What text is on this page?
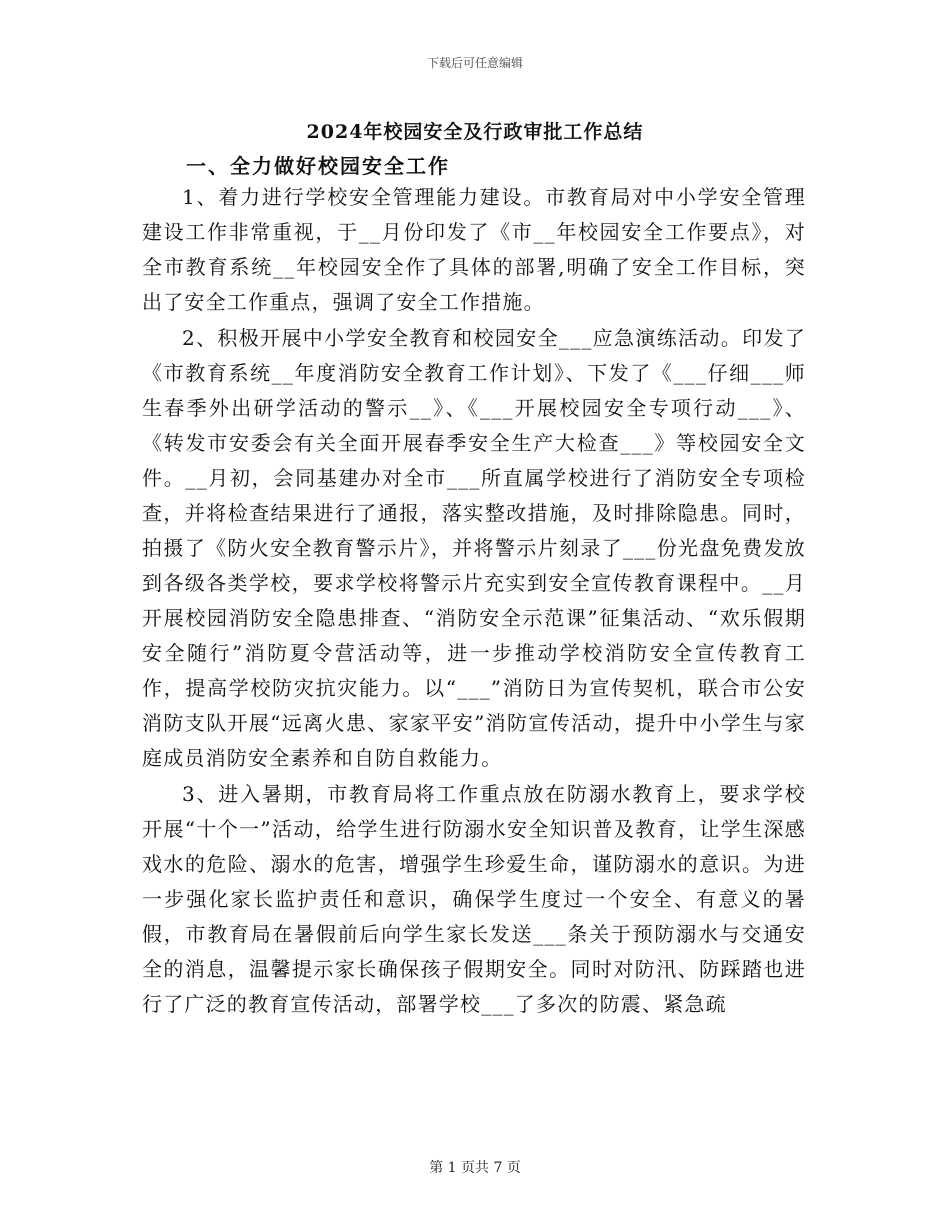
下载后可任意编辑
2024年校园安全及行政审批工作总结
一、全力做好校园安全工作

1、着力进行学校安全管理能力建设。市教育局对中小学安全管理建设工作非常重视，于__月份印发了《市__年校园安全工作要点》，对全市教育系统__年校园安全作了具体的部署,明确了安全工作目标，突出了安全工作重点，强调了安全工作措施。

2、积极开展中小学安全教育和校园安全___应急演练活动。印发了《市教育系统__年度消防安全教育工作计划》、下发了《___仔细___师生春季外出研学活动的警示__》、《___开展校园安全专项行动___》、《转发市安委会有关全面开展春季安全生产大检查___》等校园安全文件。__月初，会同基建办对全市___所直属学校进行了消防安全专项检查，并将检查结果进行了通报，落实整改措施，及时排除隐患。同时，拍摄了《防火安全教育警示片》，并将警示片刻录了___份光盘免费发放到各级各类学校，要求学校将警示片充实到安全宣传教育课程中。__月开展校园消防安全隐患排查、“消防安全示范课”征集活动、“欢乐假期安全随行”消防夏令营活动等，进一步推动学校消防安全宣传教育工作，提高学校防灾抗灾能力。以“___”消防日为宣传契机，联合市公安消防支队开展“远离火患、家家平安”消防宣传活动，提升中小学生与家庭成员消防安全素养和自防自救能力。

3、进入暑期，市教育局将工作重点放在防溺水教育上，要求学校开展“十个一”活动，给学生进行防溺水安全知识普及教育，让学生深感戏水的危险、溺水的危害，增强学生珍爱生命，谨防溺水的意识。为进一步强化家长监护责任和意识，确保学生度过一个安全、有意义的暑假，市教育局在暑假前后向学生家长发送___条关于预防溺水与交通安全的消息，温馨提示家长确保孩子假期安全。同时对防汛、防踩踏也进行了广泛的教育宣传活动，部署学校___了多次的防震、紧急疏

第 1 页共 7 页
